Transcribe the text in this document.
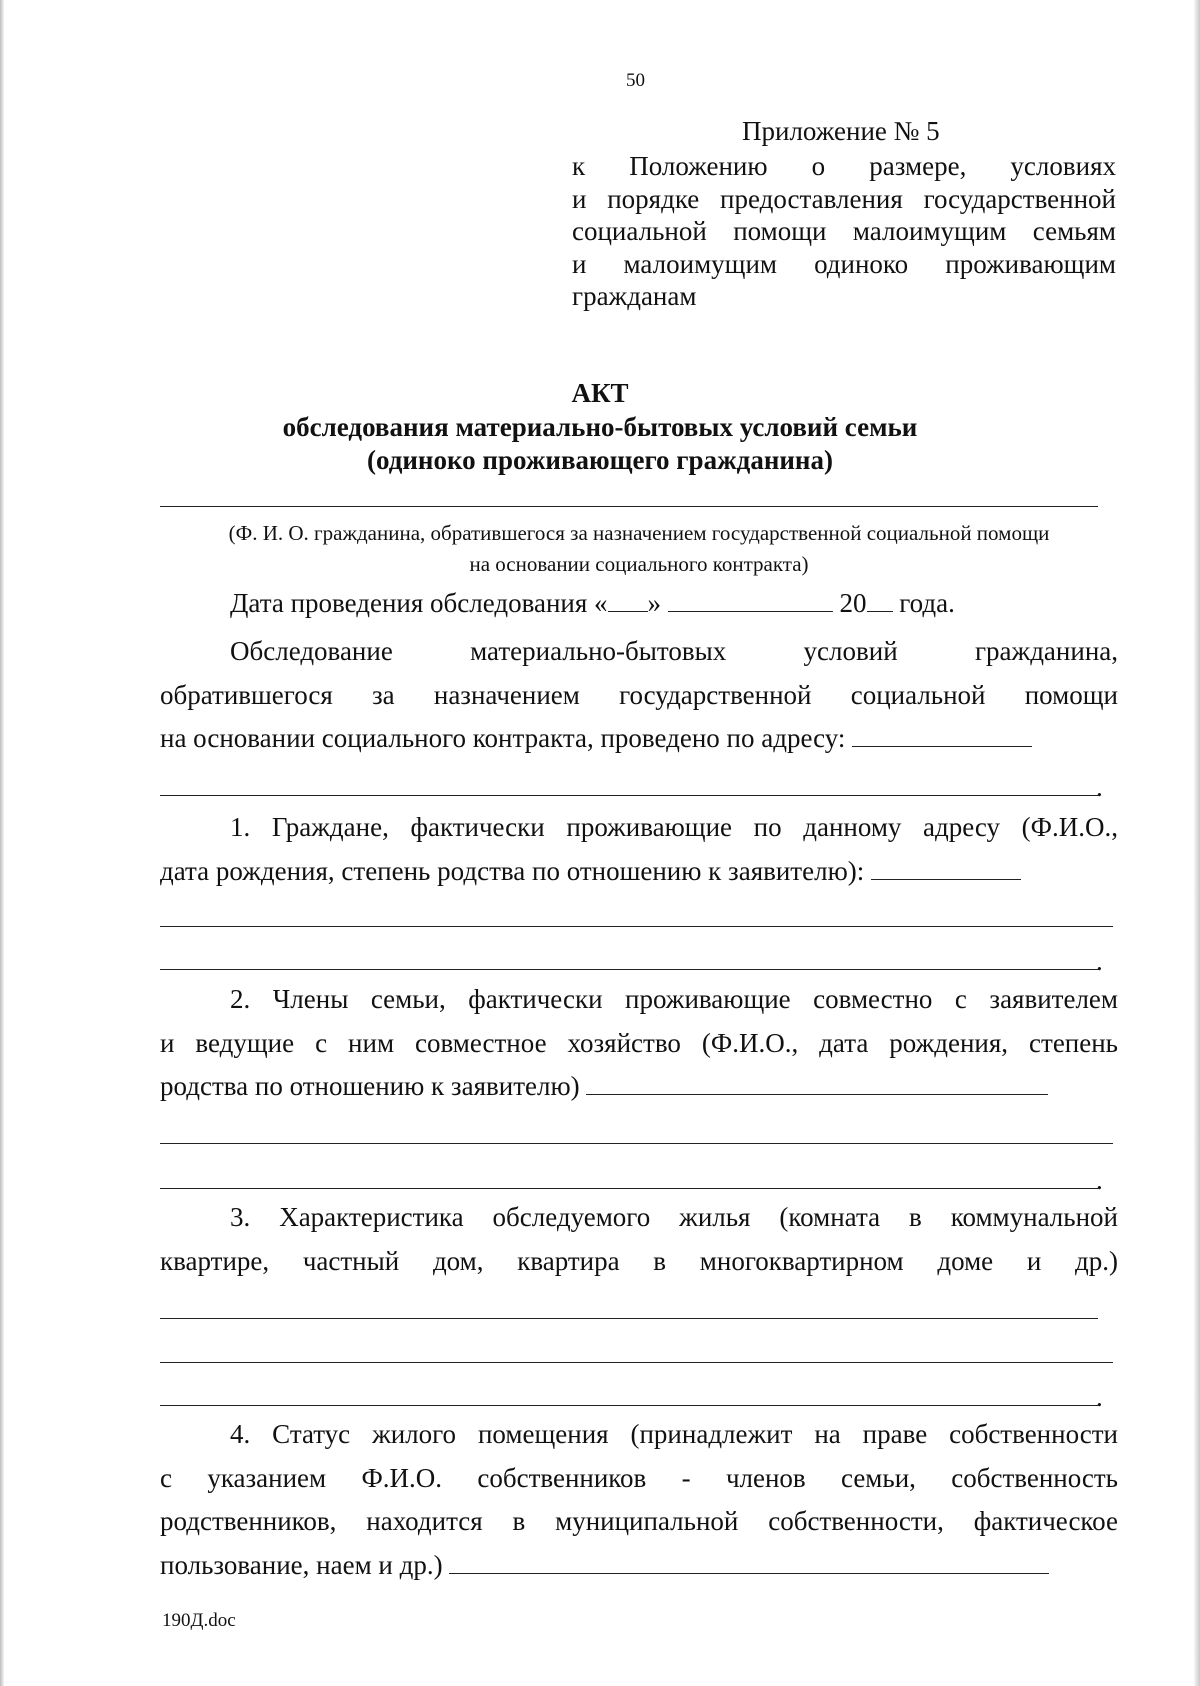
50
Приложение № 5
к Положению о размере, условиях
и порядке предоставления государственной
социальной помощи малоимущим семьям
и малоимущим одиноко проживающим
гражданам
АКТ
обследования материально-бытовых условий семьи
(одиноко проживающего гражданина)
(Ф. И. О. гражданина, обратившегося за назначением государственной социальной помощи
на основании социального контракта)
Дата проведения обследования « »	20 года.
Обследование материально-бытовых условий гражданина,
обратившегося за назначением государственной социальной помощи
на основании социального контракта, проведено по адресу:
.
1. Граждане, фактически проживающие по данному адресу (Ф.И.О.,
дата рождения, степень родства по отношению к заявителю):
.
2. Члены семьи, фактически проживающие совместно с заявителем
и ведущие с ним совместное хозяйство (Ф.И.О., дата рождения, степень
родства по отношению к заявителю)
.
3. Характеристика обследуемого жилья (комната в коммунальной
квартире, частный дом, квартира в многоквартирном доме и др.)
.
4. Статус жилого помещения (принадлежит на праве собственности
с указанием Ф.И.О. собственников - членов семьи, собственность
родственников, находится в муниципальной собственности, фактическое
пользование, наем и др.)
190Д.doc
